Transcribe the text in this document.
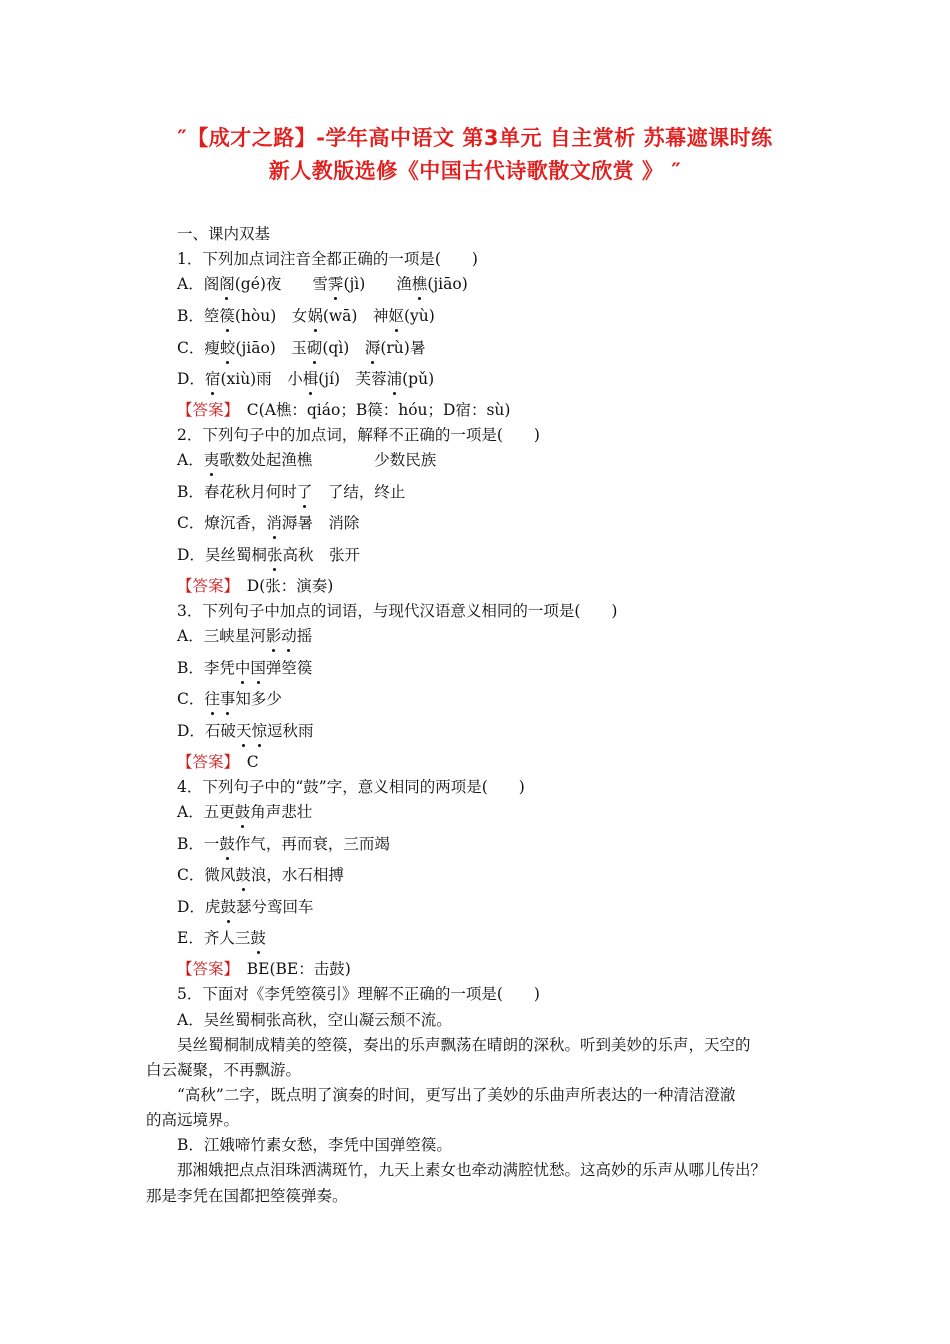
″【成才之路】-学年高中语文 第3单元 自主赏析 苏幕遮课时练
新人教版选修《中国古代诗歌散文欣赏 》 ″
一、课内双基
1．下列加点词注音全都正确的一项是(　　)
A．阁阁(gé)夜　　雪霁(jì)　　渔樵(jiāo)
B．箜篌(hòu)　女娲(wā)　神妪(yù)
C．瘦蛟(jiāo)　玉砌(qì)　溽(rù)暑
D．宿(xiù)雨　小楫(jí)　芙蓉浦(pǔ)
【答案】　 C(A樵：qiáo；B篌：hóu；D宿：sù)
2．下列句子中的加点词，解释不正确的一项是(　　)
A．夷歌数处起渔樵　　　　少数民族
B．春花秋月何时了　了结，终止
C．燎沉香，消溽暑　消除
D．吴丝蜀桐张高秋　张开
【答案】　 D(张：演奏)
3．下列句子中加点的词语，与现代汉语意义相同的一项是(　　)
A．三峡星河影动摇
B．李凭中国弹箜篌
C．往事知多少
D．石破天惊逗秋雨
【答案】　 C
4．下列句子中的“鼓”字，意义相同的两项是(　　)
A．五更鼓角声悲壮
B．一鼓作气，再而衰，三而竭
C．微风鼓浪，水石相搏
D．虎鼓瑟兮鸾回车
E．齐人三鼓
【答案】　 BE(BE：击鼓)
5．下面对《李凭箜篌引》理解不正确的一项是(　　)
A．吴丝蜀桐张高秋，空山凝云颓不流。
吴丝蜀桐制成精美的箜篌，奏出的乐声飘荡在晴朗的深秋。听到美妙的乐声，天空的
白云凝聚，不再飘游。
“高秋”二字，既点明了演奏的时间，更写出了美妙的乐曲声所表达的一种清洁澄澈
的高远境界。
B．江娥啼竹素女愁，李凭中国弹箜篌。
那湘娥把点点泪珠洒满斑竹，九天上素女也牵动满腔忧愁。这高妙的乐声从哪儿传出？
那是李凭在国都把箜篌弹奏。
